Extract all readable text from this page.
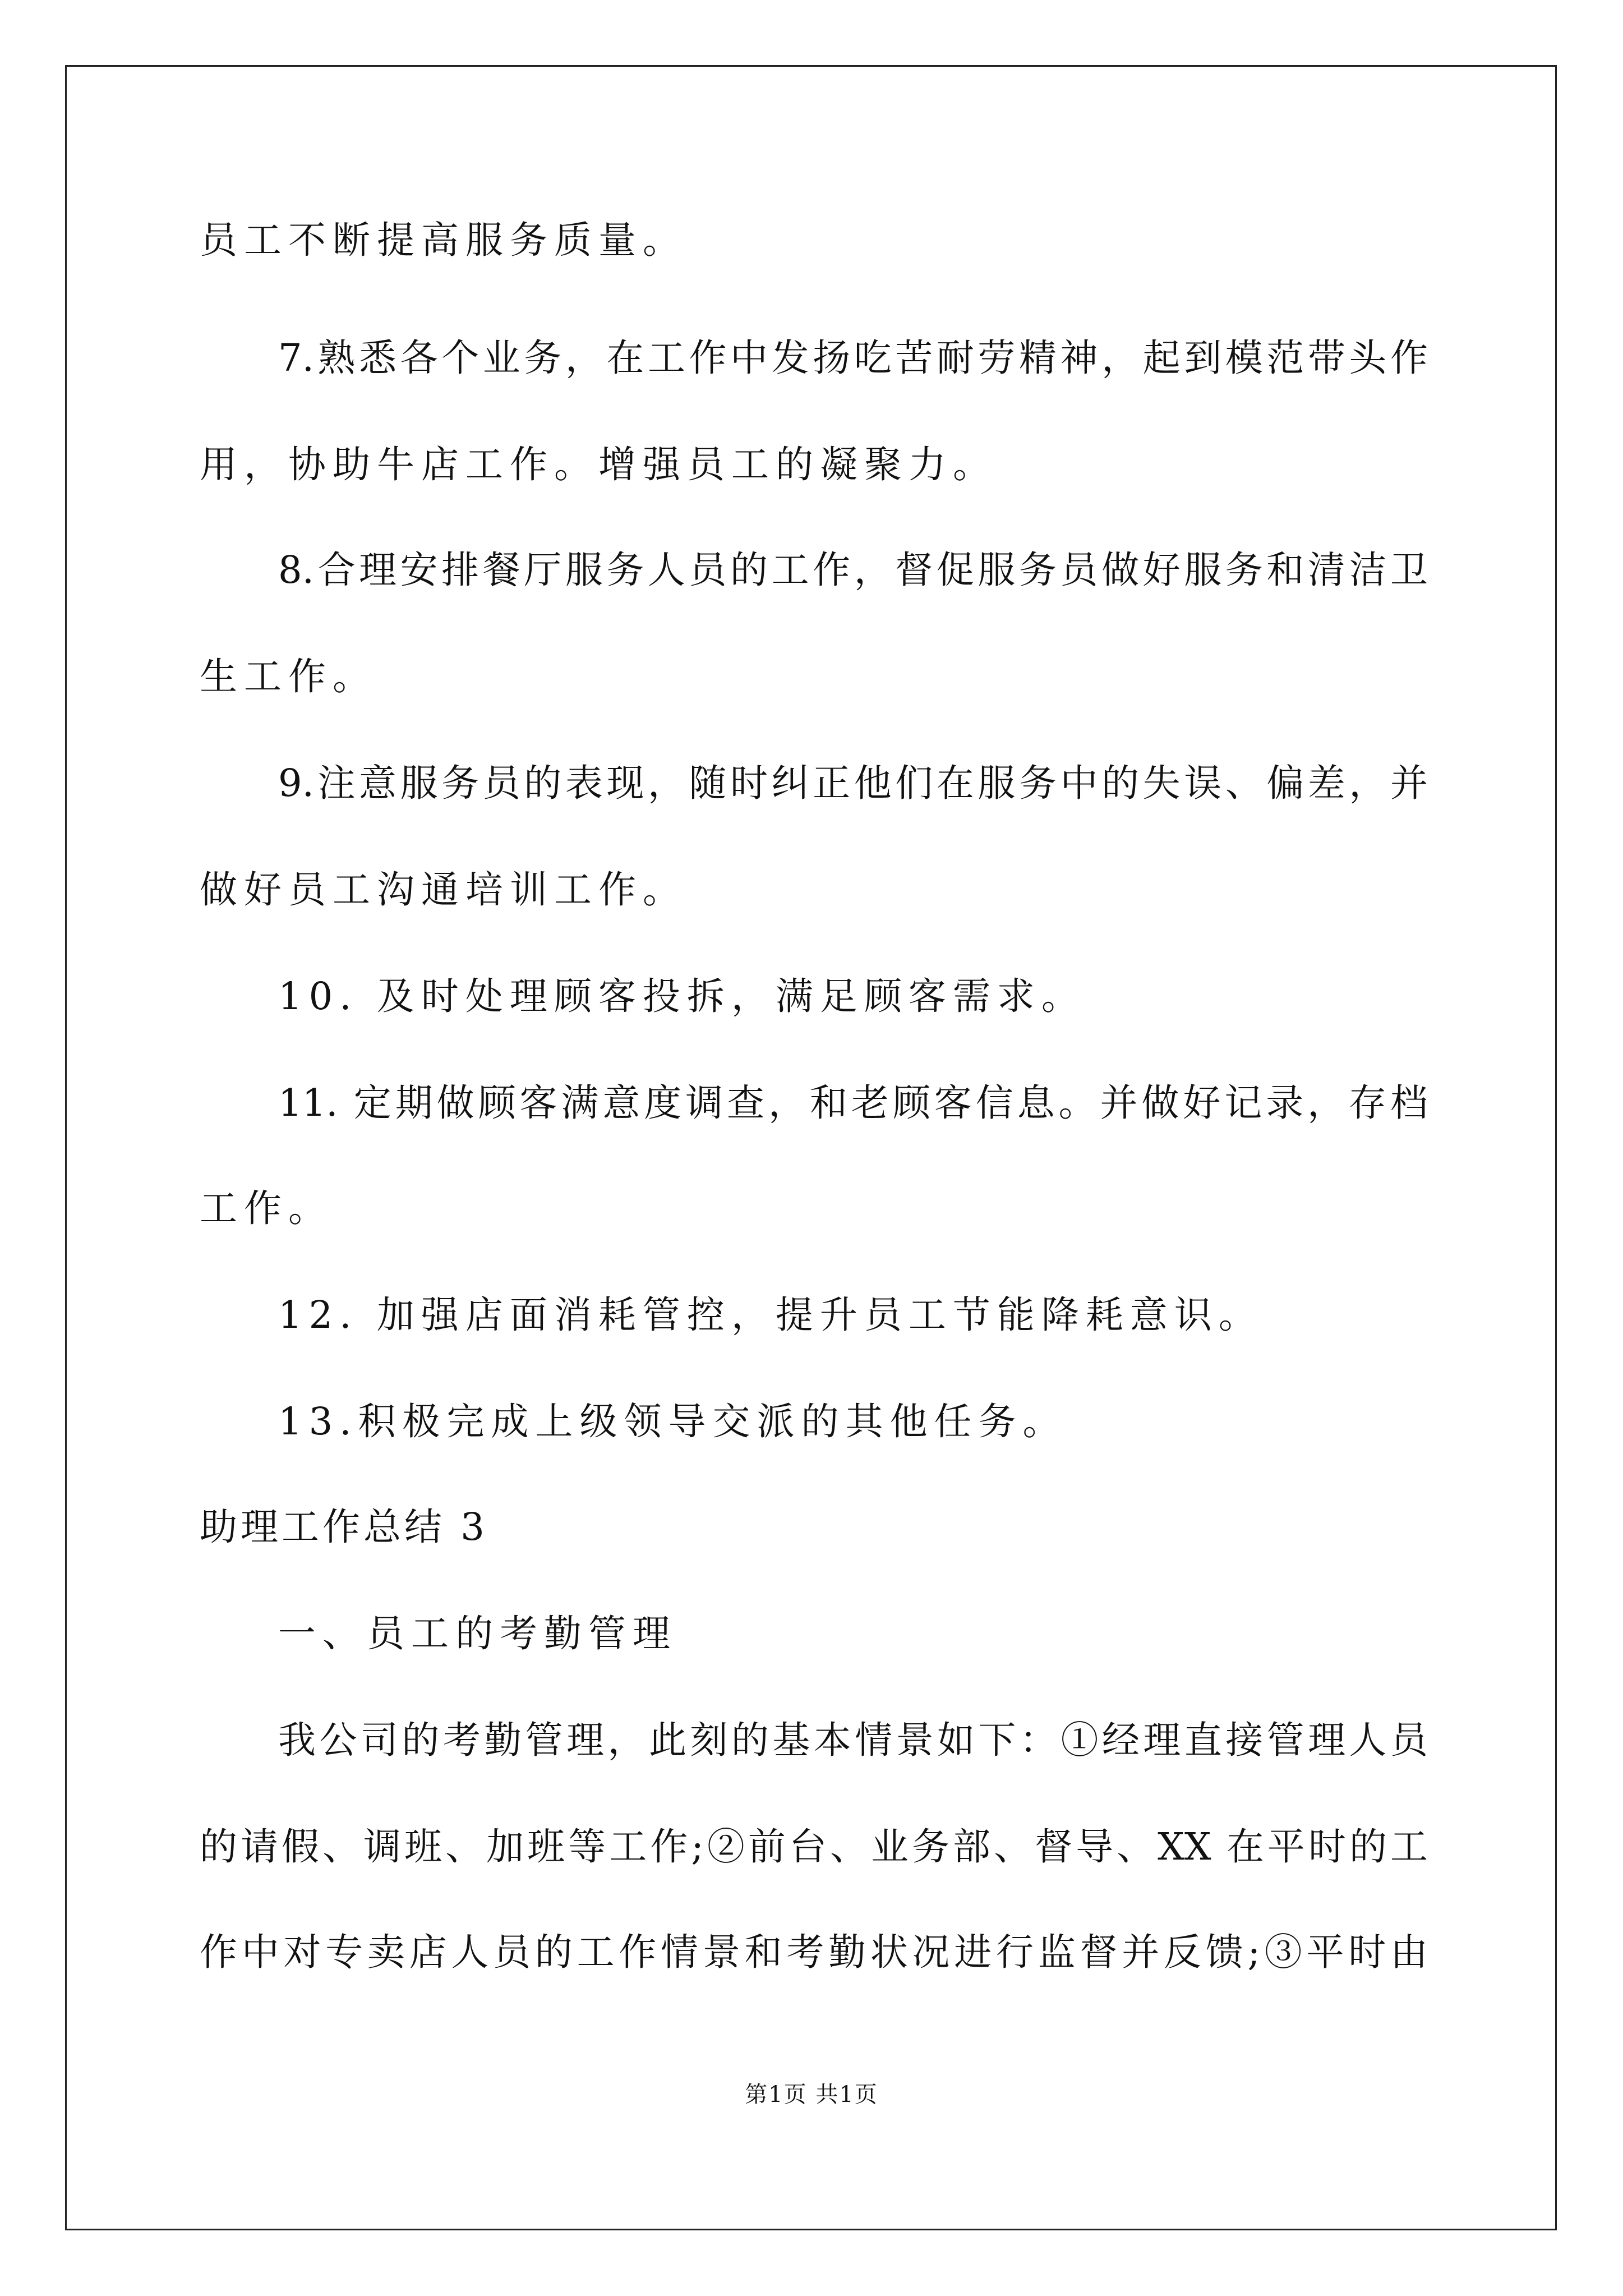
员工不断提高服务质量。
7.熟悉各个业务，在工作中发扬吃苦耐劳精神，起到模范带头作
用，协助牛店工作。增强员工的凝聚力。
8.合理安排餐厅服务人员的工作，督促服务员做好服务和清洁卫
生工作。
9.注意服务员的表现，随时纠正他们在服务中的失误、偏差，并
做好员工沟通培训工作。
10. 及时处理顾客投拆，满足顾客需求。
11. 定期做顾客满意度调查，和老顾客信息。并做好记录，存档
工作。
12. 加强店面消耗管控，提升员工节能降耗意识。
13.积极完成上级领导交派的其他任务。
助理工作总结 3
一、员工的考勤管理
我公司的考勤管理，此刻的基本情景如下：①经理直接管理人员
的请假、调班、加班等工作;②前台、业务部、督导、XX 在平时的工
作中对专卖店人员的工作情景和考勤状况进行监督并反馈;③平时由
第1页 共1页
